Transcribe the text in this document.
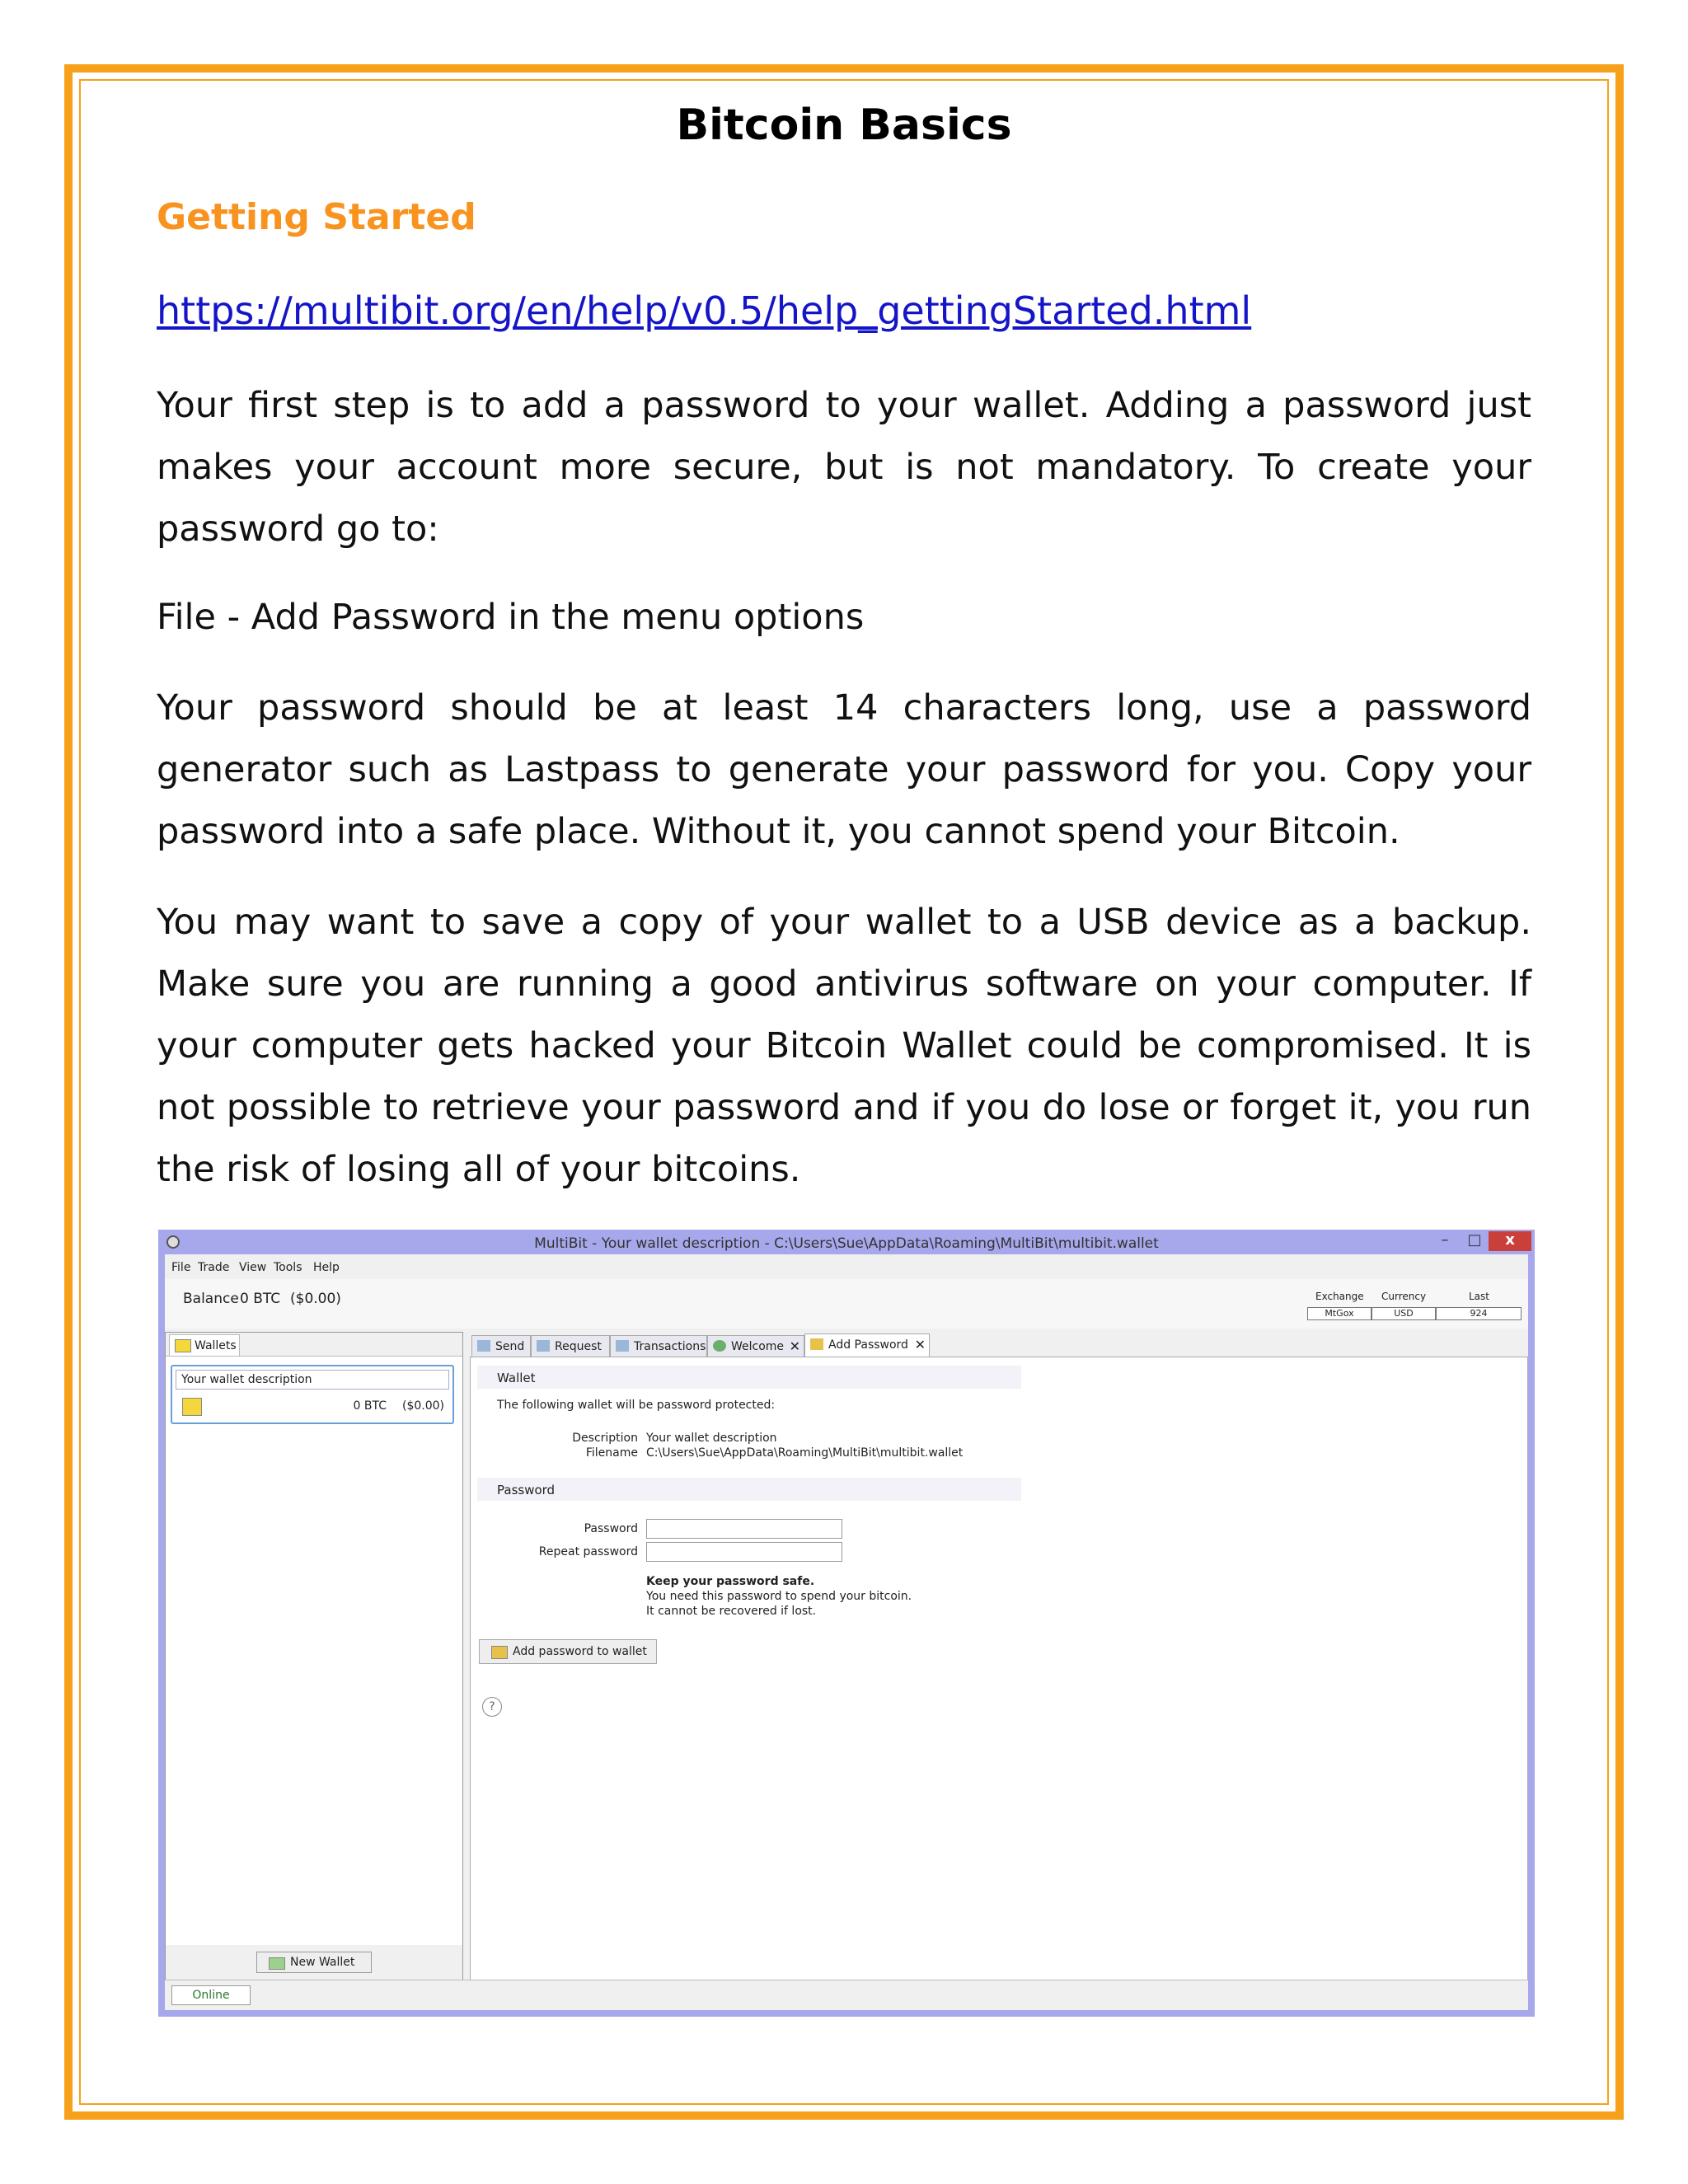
Bitcoin Basics
Getting Started
https://multibit.org/en/help/v0.5/help_gettingStarted.html

Your first step is to add a password to your wallet. Adding a password just makes your account more secure, but is not mandatory. To create your password go to:

File - Add Password in the menu options

Your password should be at least 14 characters long, use a password generator such as Lastpass to generate your password for you. Copy your password into a safe place. Without it, you cannot spend your Bitcoin.

You may want to save a copy of your wallet to a USB device as a backup. Make sure you are running a good antivirus software on your computer. If your computer gets hacked your Bitcoin Wallet could be compromised. It is not possible to retrieve your password and if you do lose or forget it, you run the risk of losing all of your bitcoins.

MultiBit - Your wallet description - C:\Users\Sue\AppData\Roaming\MultiBit\multibit.wallet	–	□	x
File Trade View Tools Help
Balance 0 BTC ($0.00)	Exchange Currency	Last
MtGox	USD	924
Wallets
Your wallet description
0 BTC ($0.00)
New Wallet
Send	Request	Transactions Welcome ✕ Add Password ✕
Wallet
The following wallet will be password protected:
Description Your wallet description
Filename C:\Users\Sue\AppData\Roaming\MultiBit\multibit.wallet
Password
Password
Repeat password
Keep your password safe.
You need this password to spend your bitcoin.
It cannot be recovered if lost.
Add password to wallet
?
Online
